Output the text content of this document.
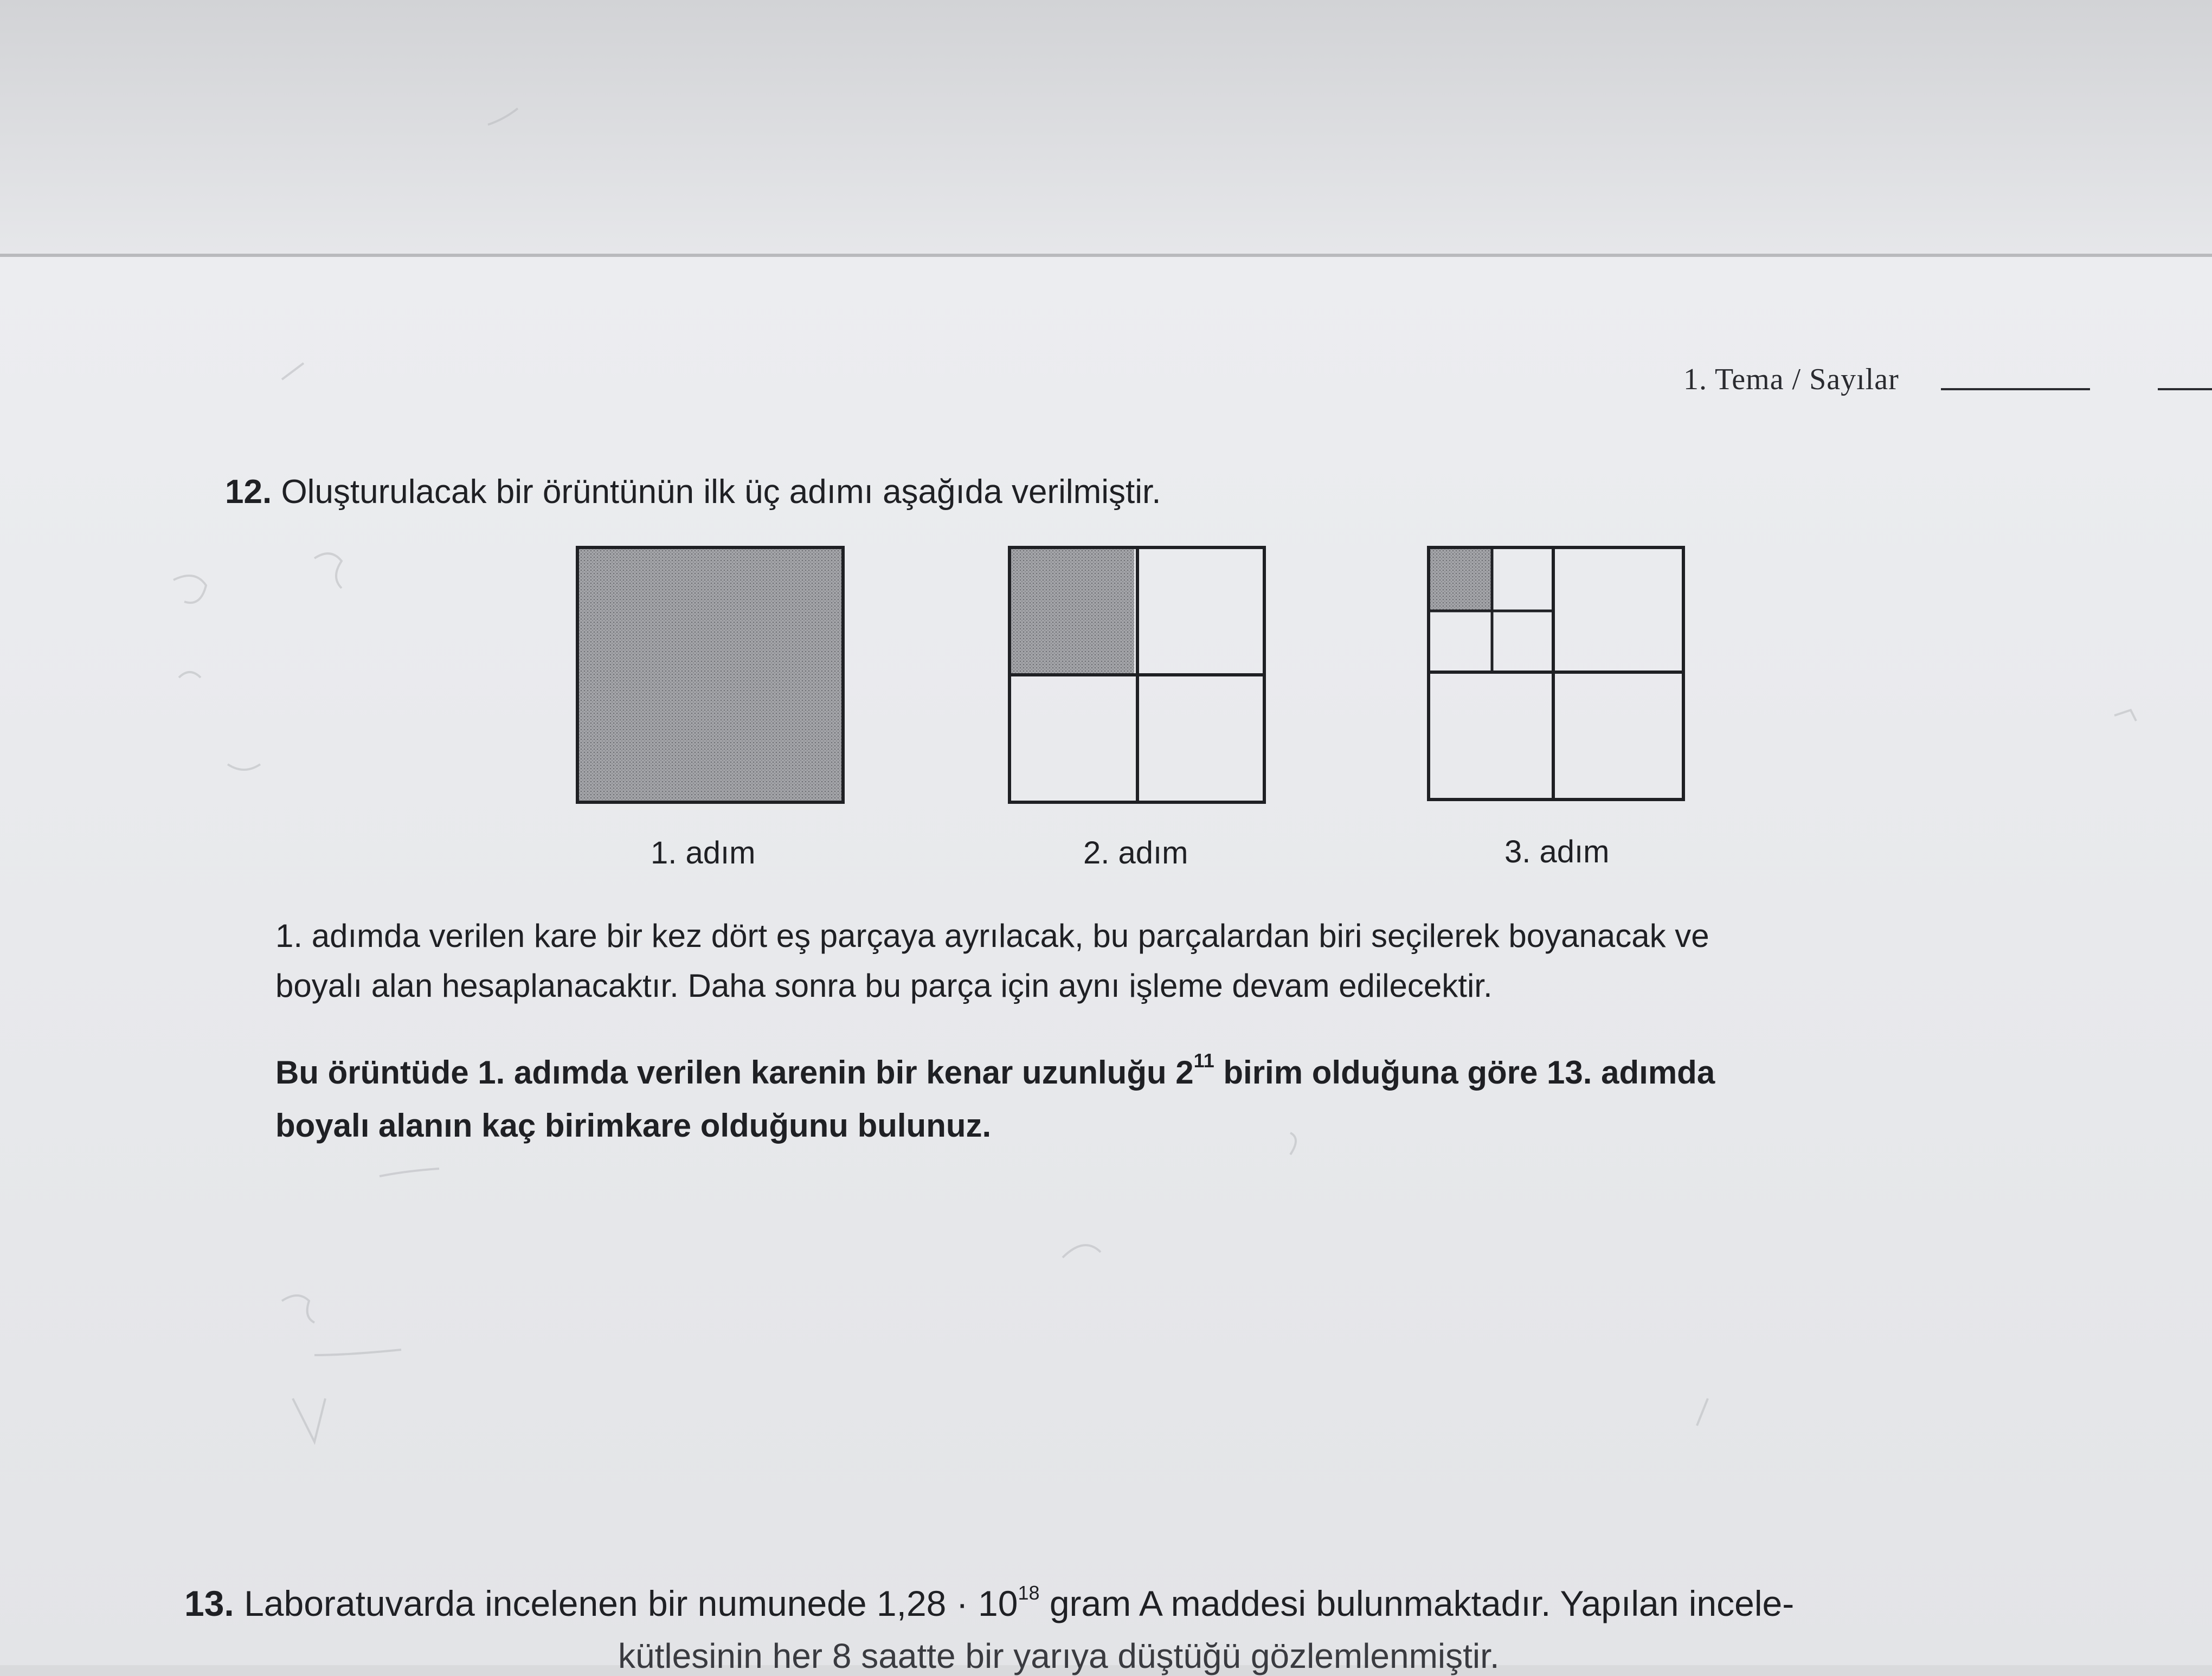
1. Tema / Sayılar
12. Oluşturulacak bir örüntünün ilk üç adımı aşağıda verilmiştir.
1. adım	2. adım	3. adım
1. adımda verilen kare bir kez dört eş parçaya ayrılacak, bu parçalardan biri seçilerek boyanacak ve
boyalı alan hesaplanacaktır. Daha sonra bu parça için aynı işleme devam edilecektir.
Bu örüntüde 1. adımda verilen karenin bir kenar uzunluğu $2^{11}$ birim olduğuna göre 13. adımda
boyalı alanın kaç birimkare olduğunu bulunuz.
13. Laboratuvarda incelenen bir numunede $1,28 \cdot 10^{18}$ gram A maddesi bulunmaktadır. Yapılan incele-
kütlesinin her 8 saatte bir yarıya düştüğü gözlemlenmiştir.
